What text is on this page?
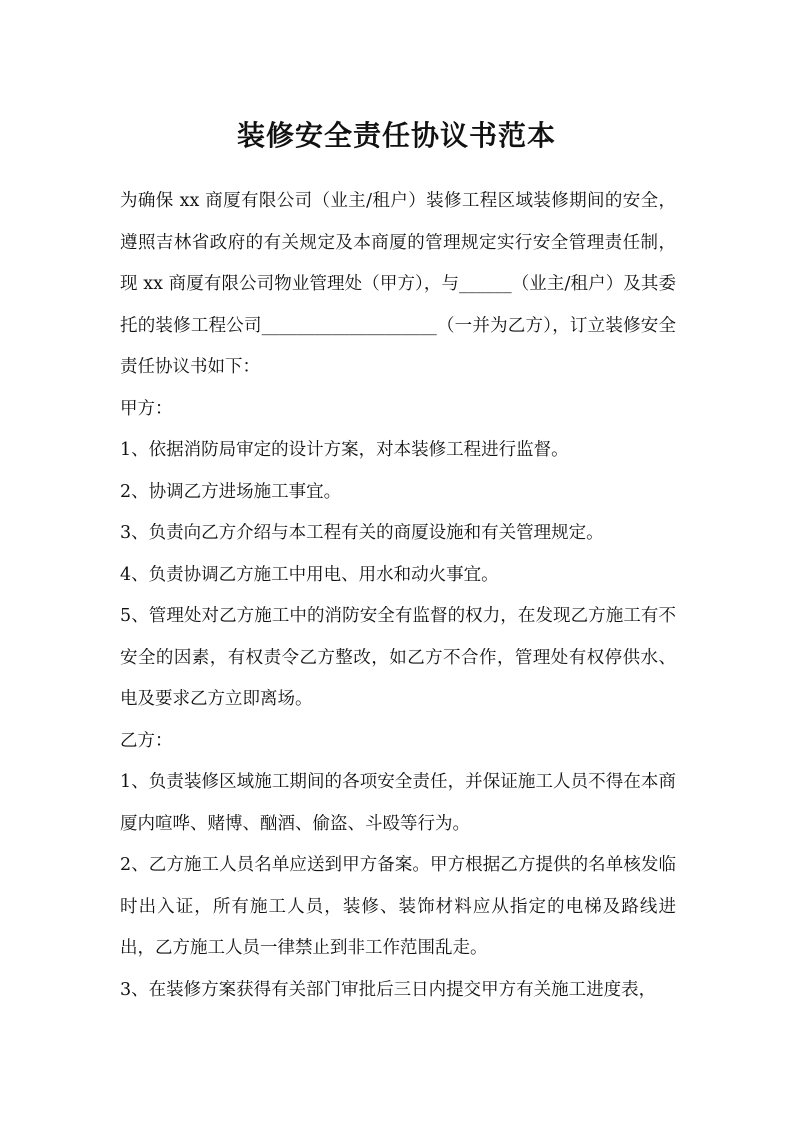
装修安全责任协议书范本

为确保 xx 商厦有限公司（业主/租户）装修工程区域装修期间的安全，遵照吉林省政府的有关规定及本商厦的管理规定实行安全管理责任制，现 xx 商厦有限公司物业管理处（甲方），与______（业主/租户）及其委托的装修工程公司____________________（一并为乙方），订立装修安全责任协议书如下：

甲方：

1、依据消防局审定的设计方案，对本装修工程进行监督。

2、协调乙方进场施工事宜。

3、负责向乙方介绍与本工程有关的商厦设施和有关管理规定。

4、负责协调乙方施工中用电、用水和动火事宜。

5、管理处对乙方施工中的消防安全有监督的权力，在发现乙方施工有不安全的因素，有权责令乙方整改，如乙方不合作，管理处有权停供水、电及要求乙方立即离场。

乙方：

1、负责装修区域施工期间的各项安全责任，并保证施工人员不得在本商厦内喧哗、赌博、酗酒、偷盗、斗殴等行为。

2、乙方施工人员名单应送到甲方备案。甲方根据乙方提供的名单核发临时出入证，所有施工人员，装修、装饰材料应从指定的电梯及路线进出，乙方施工人员一律禁止到非工作范围乱走。

3、在装修方案获得有关部门审批后三日内提交甲方有关施工进度表，
